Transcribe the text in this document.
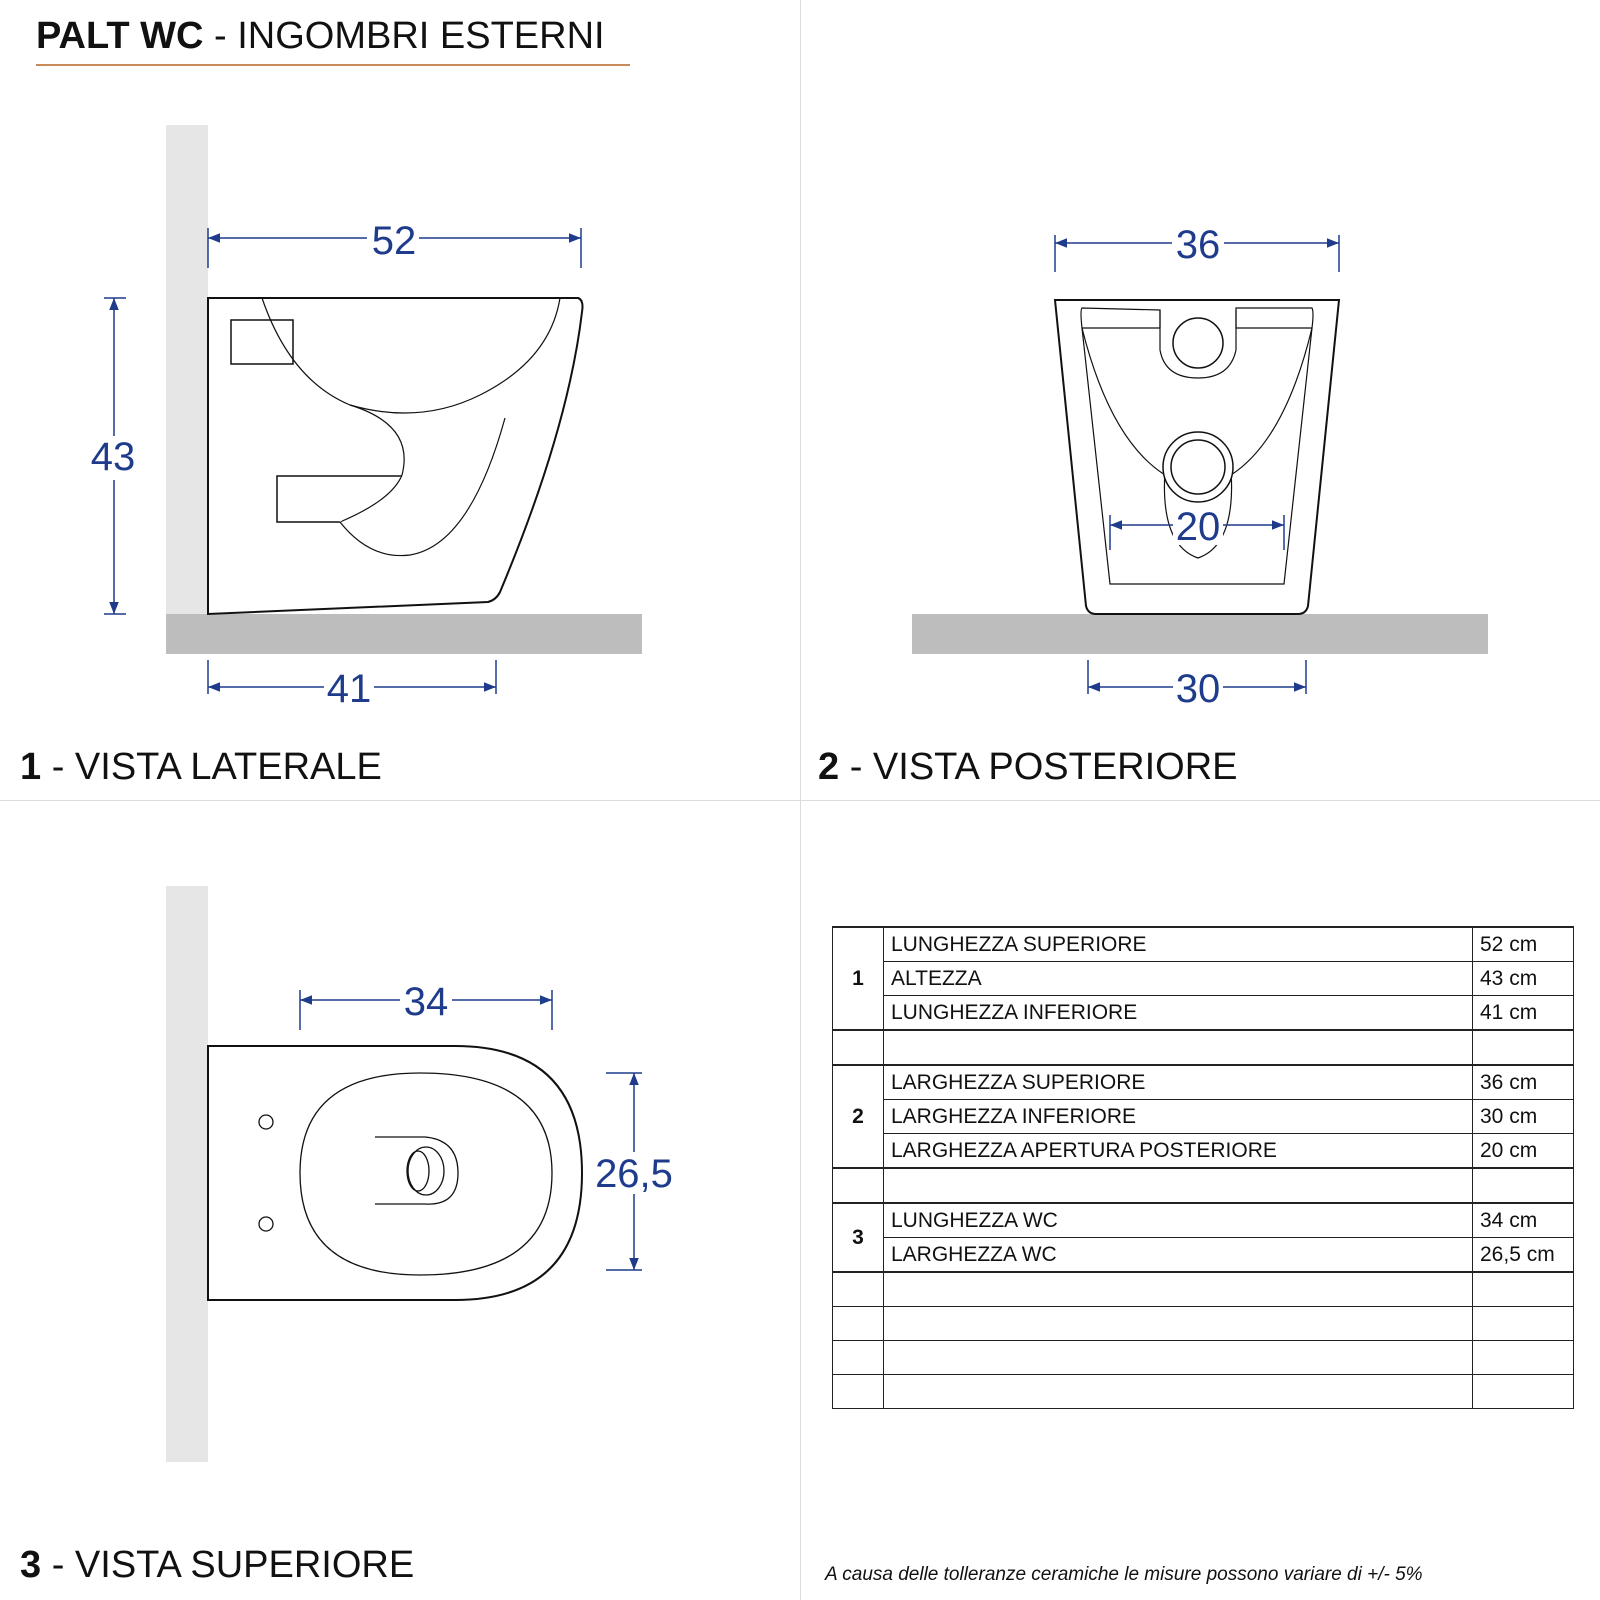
PALT WC - INGOMBRI ESTERNI
52
43
41
36
20
30
34
26,5
1 - VISTA LATERALE	2 - VISTA POSTERIORE
3 - VISTA SUPERIORE
1	LUNGHEZZA SUPERIORE	52 cm
	ALTEZZA	43 cm
	LUNGHEZZA INFERIORE	41 cm

2	LARGHEZZA SUPERIORE	36 cm
	LARGHEZZA INFERIORE	30 cm
	LARGHEZZA APERTURA POSTERIORE	20 cm

3	LUNGHEZZA WC	34 cm
	LARGHEZZA WC	26,5 cm

A causa delle tolleranze ceramiche le misure possono variare di +/- 5%
